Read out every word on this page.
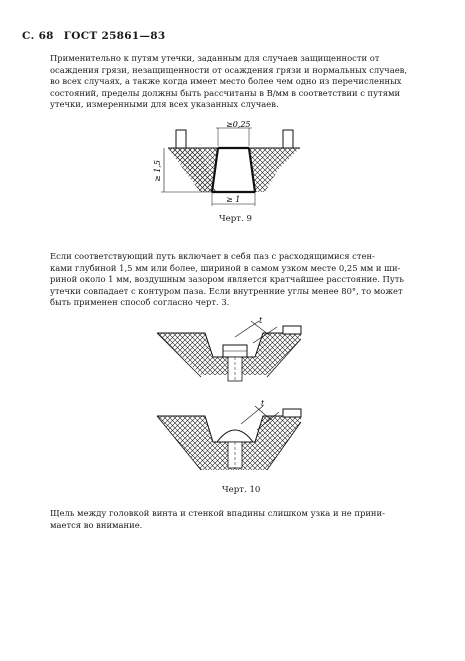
С. 68 ГОСТ 25861—83
Применительно к путям утечки, заданным для случаев защищенности от
осаждения грязи, незащищенности от осаждения грязи и нормальных случаев,
во всех случаях, а также когда имеет место более чем одно из перечисленных
состояний, пределы должны быть рассчитаны в В/мм в соответствии с путями
утечки, измеренными для всех указанных случаев.
≥0,25
≥ 1,5
≥ 1
Черт. 9
Если соответствующий путь включает в себя паз с расходящимися стен-
ками глубиной 1,5 мм или более, шириной в самом узком месте 0,25 мм и ши-
риной около 1 мм, воздушным зазором является кратчайшее расстояние. Путь
утечки совпадает с контуром паза. Если внутренние углы менее 80°, то может
быть применен способ согласно черт. 3.
t
t
Черт. 10
Щель между головкой винта и стенкой впадины слишком узка и не прини-
мается во внимание.
